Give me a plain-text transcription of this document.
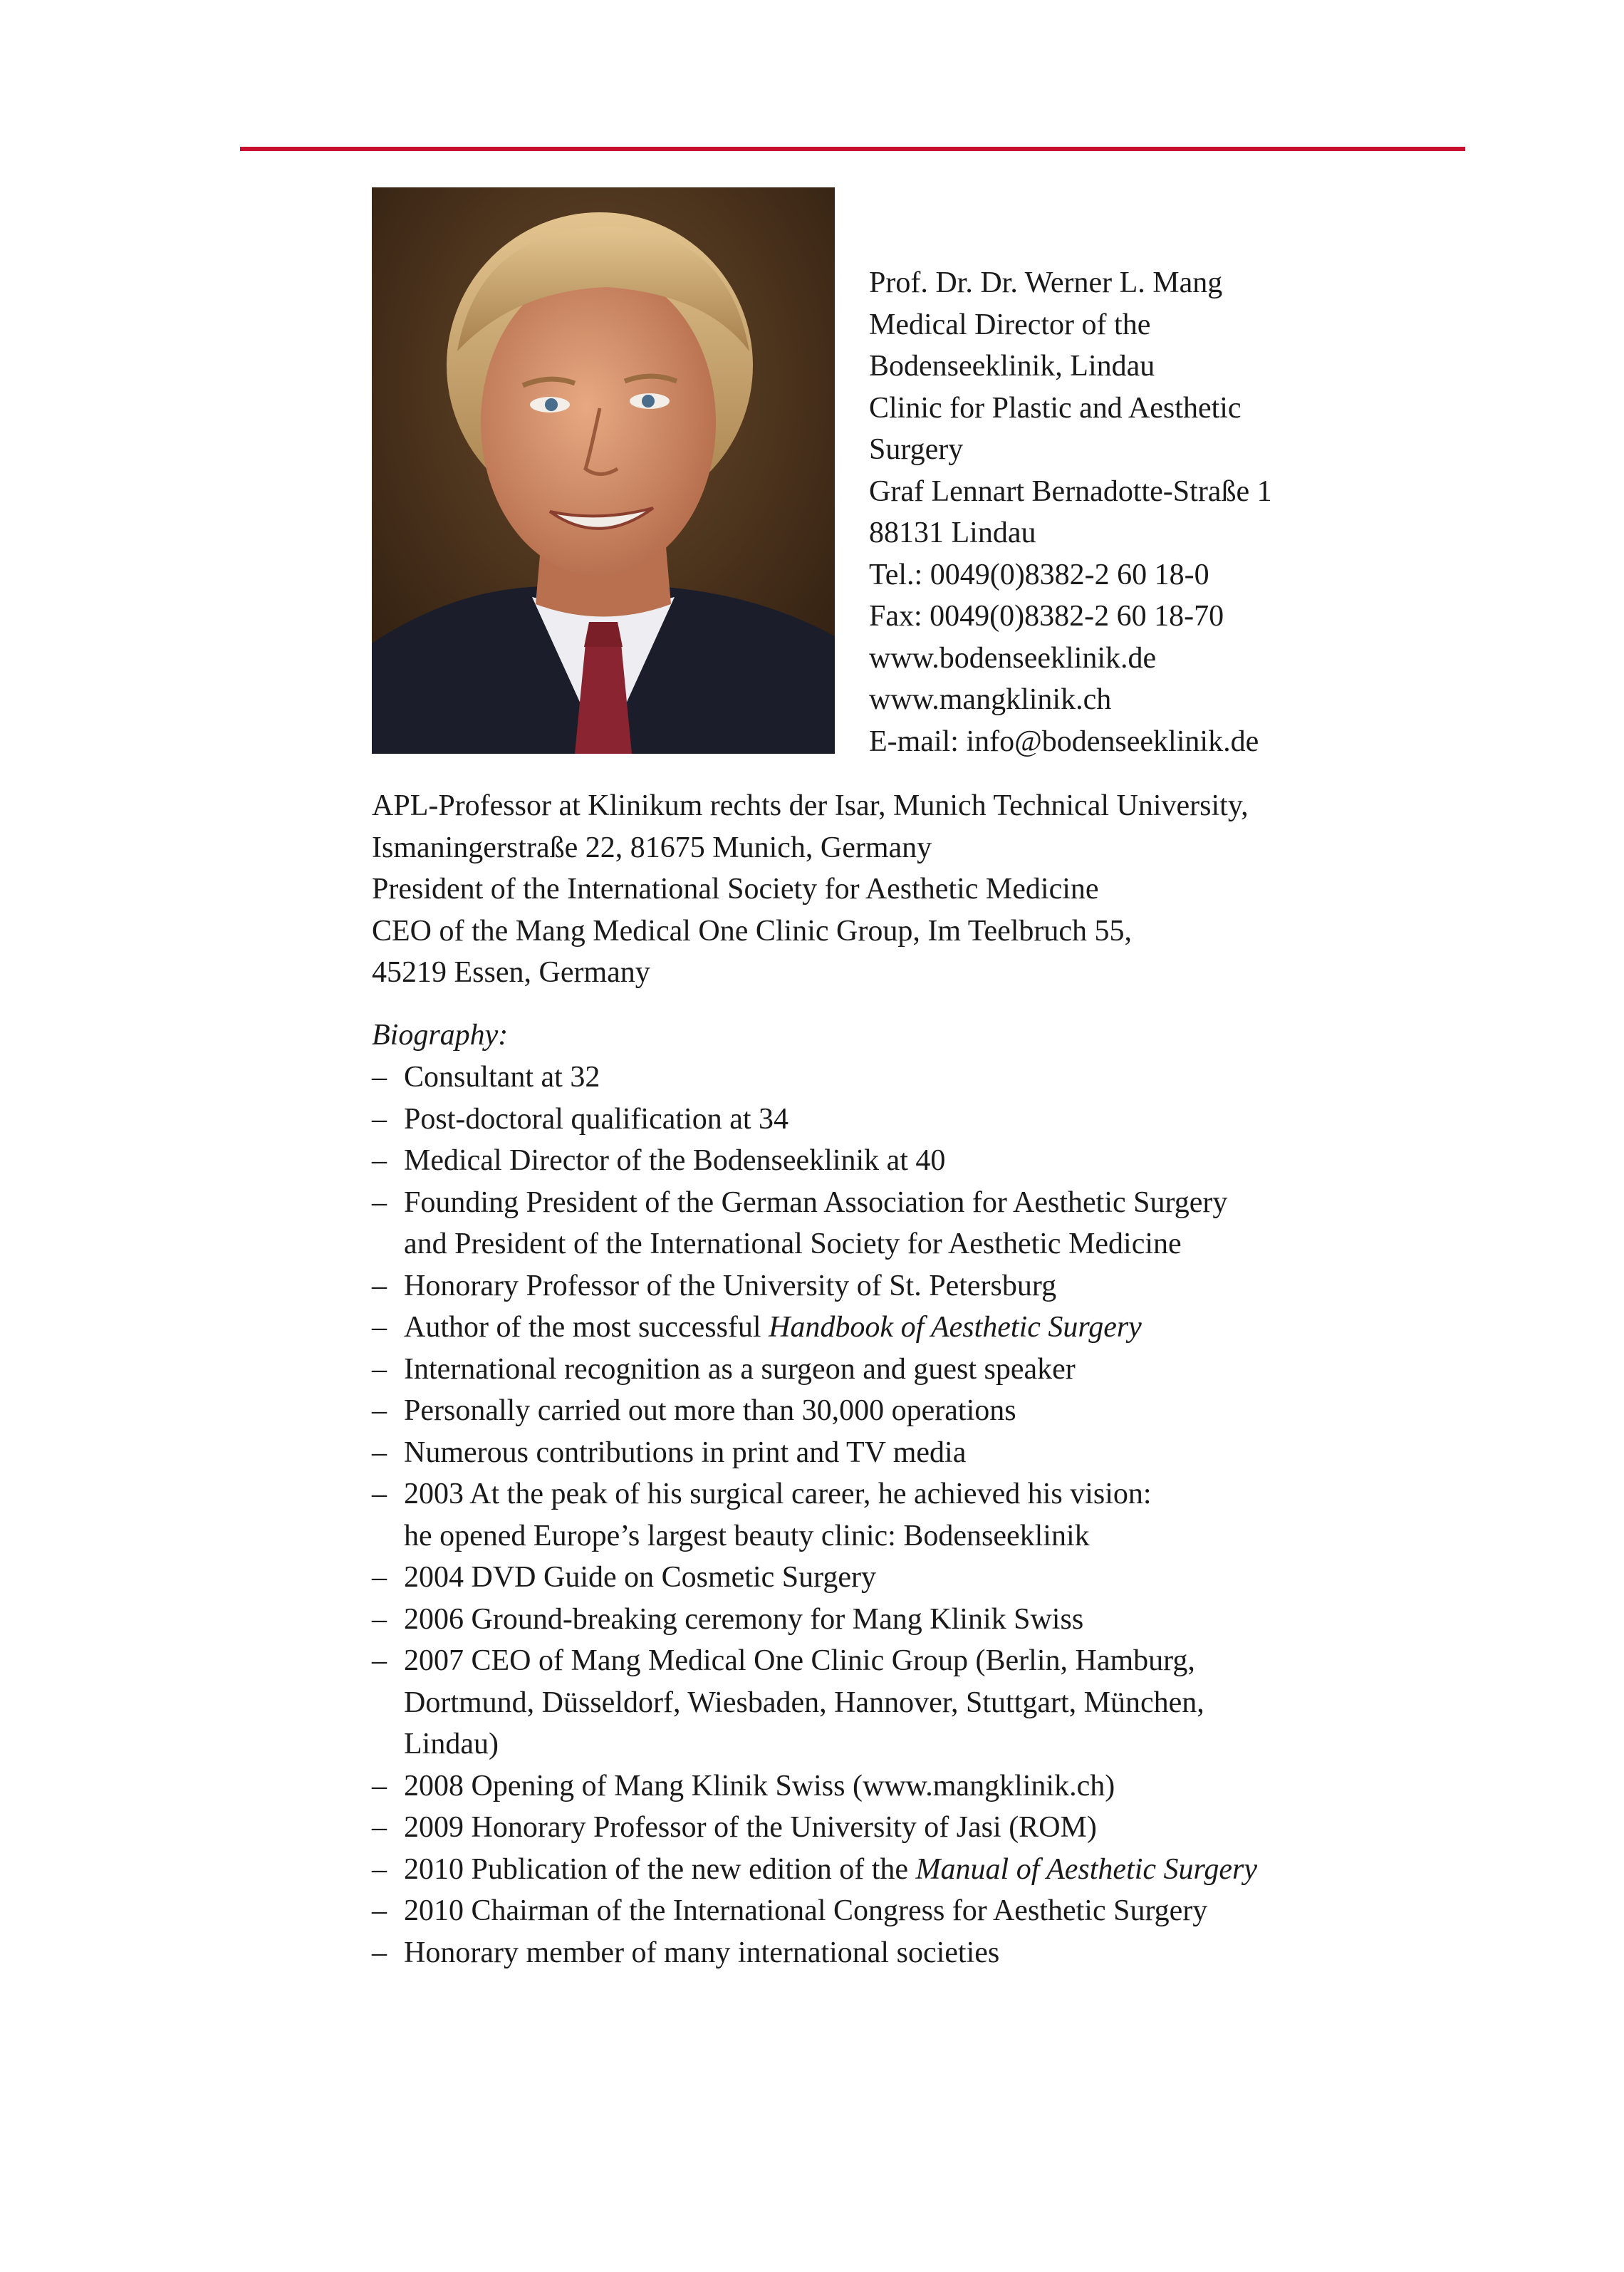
Prof. Dr. Dr. Werner L. Mang
Medical Director of the
Bodenseeklinik, Lindau
Clinic for Plastic and Aesthetic
Surgery
Graf Lennart Bernadotte-Straße 1
88131 Lindau
Tel.: 0049(0)8382-2 60 18-0
Fax: 0049(0)8382-2 60 18-70
www.bodenseeklinik.de
www.mangklinik.ch
E-mail: info@bodenseeklinik.de
APL-Professor at Klinikum rechts der Isar, Munich Technical University,
Ismaningerstraße 22, 81675 Munich, Germany
President of the International Society for Aesthetic Medicine
CEO of the Mang Medical One Clinic Group, Im Teelbruch 55,
45219 Essen, Germany
Biography:
– Consultant at 32
– Post-doctoral qualification at 34
– Medical Director of the Bodenseeklinik at 40
– Founding President of the German Association for Aesthetic Surgery
and President of the International Society for Aesthetic Medicine
– Honorary Professor of the University of St. Petersburg
– Author of the most successful Handbook of Aesthetic Surgery
– International recognition as a surgeon and guest speaker
– Personally carried out more than 30,000 operations
– Numerous contributions in print and TV media
– 2003 At the peak of his surgical career, he achieved his vision:
he opened Europe’s largest beauty clinic: Bodenseeklinik
– 2004 DVD Guide on Cosmetic Surgery
– 2006 Ground-breaking ceremony for Mang Klinik Swiss
– 2007 CEO of Mang Medical One Clinic Group (Berlin, Hamburg,
Dortmund, Düsseldorf, Wiesbaden, Hannover, Stuttgart, München,
Lindau)
– 2008 Opening of Mang Klinik Swiss (www.mangklinik.ch)
– 2009 Honorary Professor of the University of Jasi (ROM)
– 2010 Publication of the new edition of the Manual of Aesthetic Surgery
– 2010 Chairman of the International Congress for Aesthetic Surgery
– Honorary member of many international societies
